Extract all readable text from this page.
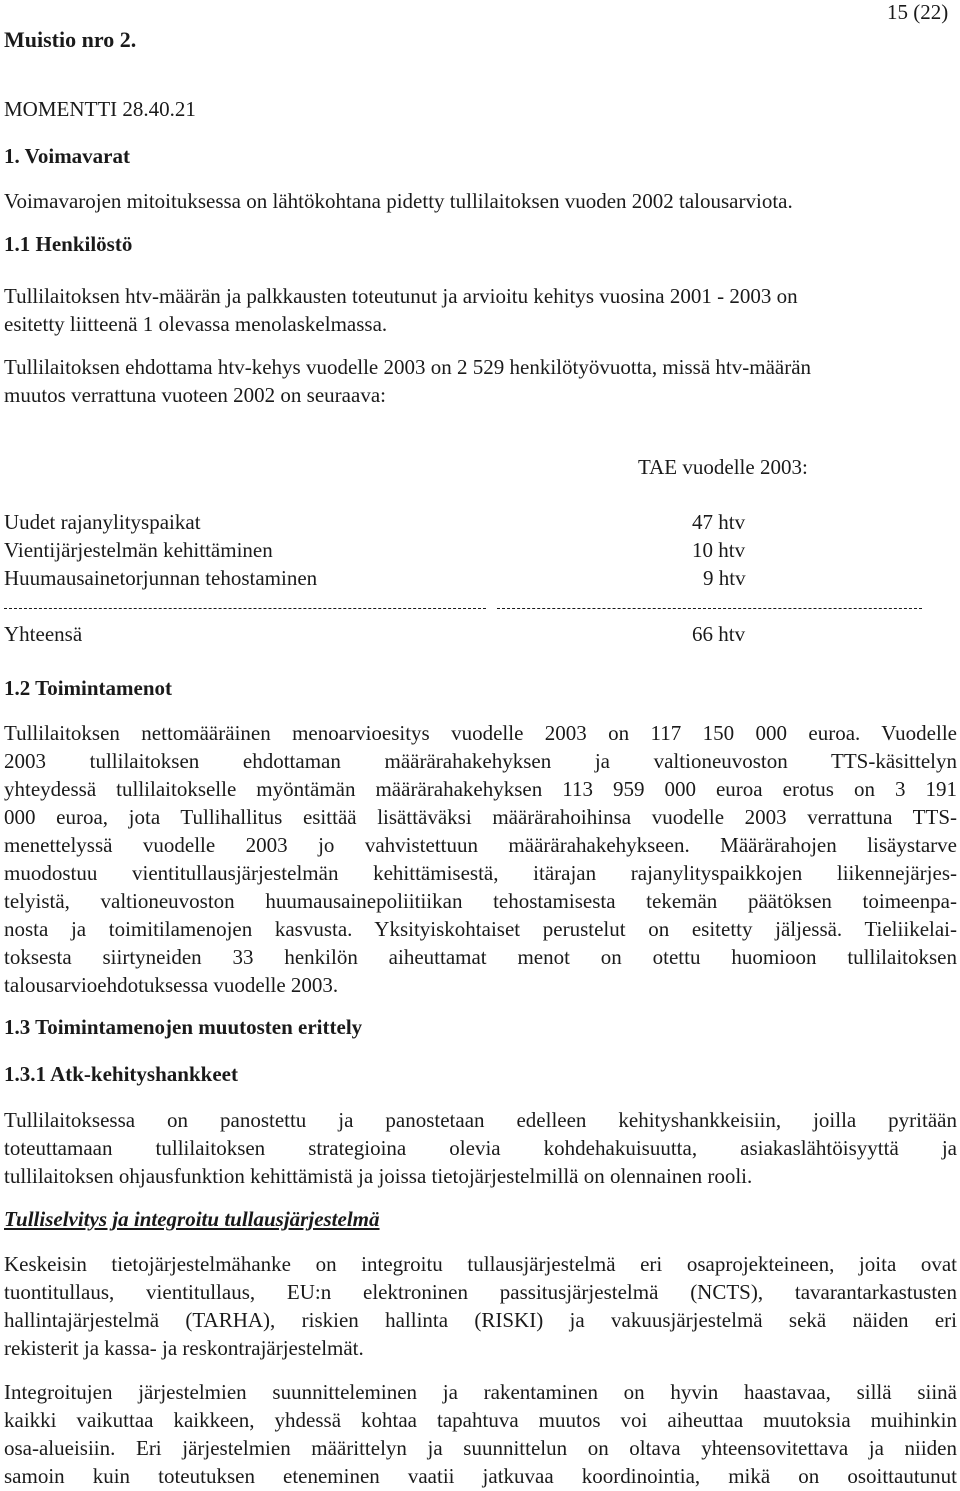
Muistio nro 2.
15 (22)
MOMENTTI 28.40.21
1. Voimavarat
Voimavarojen mitoituksessa on lähtökohtana pidetty tullilaitoksen vuoden 2002 talousarviota.
1.1 Henkilöstö
Tullilaitoksen htv-määrän ja palkkausten toteutunut ja arvioitu kehitys vuosina 2001 - 2003 on
esitetty liitteenä 1 olevassa menolaskelmassa.
Tullilaitoksen ehdottama htv-kehys vuodelle 2003 on 2 529 henkilötyövuotta, missä htv-määrän
muutos verrattuna vuoteen 2002 on seuraava:
TAE vuodelle 2003:
Uudet rajanylityspaikat	47 htv
Vientijärjestelmän kehittäminen	10 htv
Huumausainetorjunnan tehostaminen	9 htv
Yhteensä	66 htv
1.2 Toimintamenot
Tullilaitoksen nettomääräinen menoarvioesitys vuodelle 2003 on 117 150 000 euroa. Vuodelle
2003 tullilaitoksen ehdottaman määrärahakehyksen ja valtioneuvoston TTS-käsittelyn
yhteydessä tullilaitokselle myöntämän määrärahakehyksen 113 959 000 euroa erotus on 3 191
000 euroa, jota Tullihallitus esittää lisättäväksi määrärahoihinsa vuodelle 2003 verrattuna TTS-
menettelyssä vuodelle 2003 jo vahvistettuun määrärahakehykseen. Määrärahojen lisäystarve
muodostuu vientitullausjärjestelmän kehittämisestä, itärajan rajanylityspaikkojen liikennejärjes-
telyistä, valtioneuvoston huumausainepoliitiikan tehostamisesta tekemän päätöksen toimeenpa-
nosta ja toimitilamenojen kasvusta. Yksityiskohtaiset perustelut on esitetty jäljessä. Tieliikelai-
toksesta siirtyneiden 33 henkilön aiheuttamat menot on otettu huomioon tullilaitoksen
talousarvioehdotuksessa vuodelle 2003.
1.3 Toimintamenojen muutosten erittely
1.3.1 Atk-kehityshankkeet
Tullilaitoksessa on panostettu ja panostetaan edelleen kehityshankkeisiin, joilla pyritään
toteuttamaan tullilaitoksen strategioina olevia kohdehakuisuutta, asiakaslähtöisyyttä ja
tullilaitoksen ohjausfunktion kehittämistä ja joissa tietojärjestelmillä on olennainen rooli.
Tulliselvitys ja integroitu tullausjärjestelmä
Keskeisin tietojärjestelmähanke on integroitu tullausjärjestelmä eri osaprojekteineen, joita ovat
tuontitullaus, vientitullaus, EU:n elektroninen passitusjärjestelmä (NCTS), tavarantarkastusten
hallintajärjestelmä (TARHA), riskien hallinta (RISKI) ja vakuusjärjestelmä sekä näiden eri
rekisterit ja kassa- ja reskontrajärjestelmät.
Integroitujen järjestelmien suunnitteleminen ja rakentaminen on hyvin haastavaa, sillä siinä
kaikki vaikuttaa kaikkeen, yhdessä kohtaa tapahtuva muutos voi aiheuttaa muutoksia muihinkin
osa-alueisiin. Eri järjestelmien määrittelyn ja suunnittelun on oltava yhteensovitettava ja niiden
samoin kuin toteutuksen eteneminen vaatii jatkuvaa koordinointia, mikä on osoittautunut
